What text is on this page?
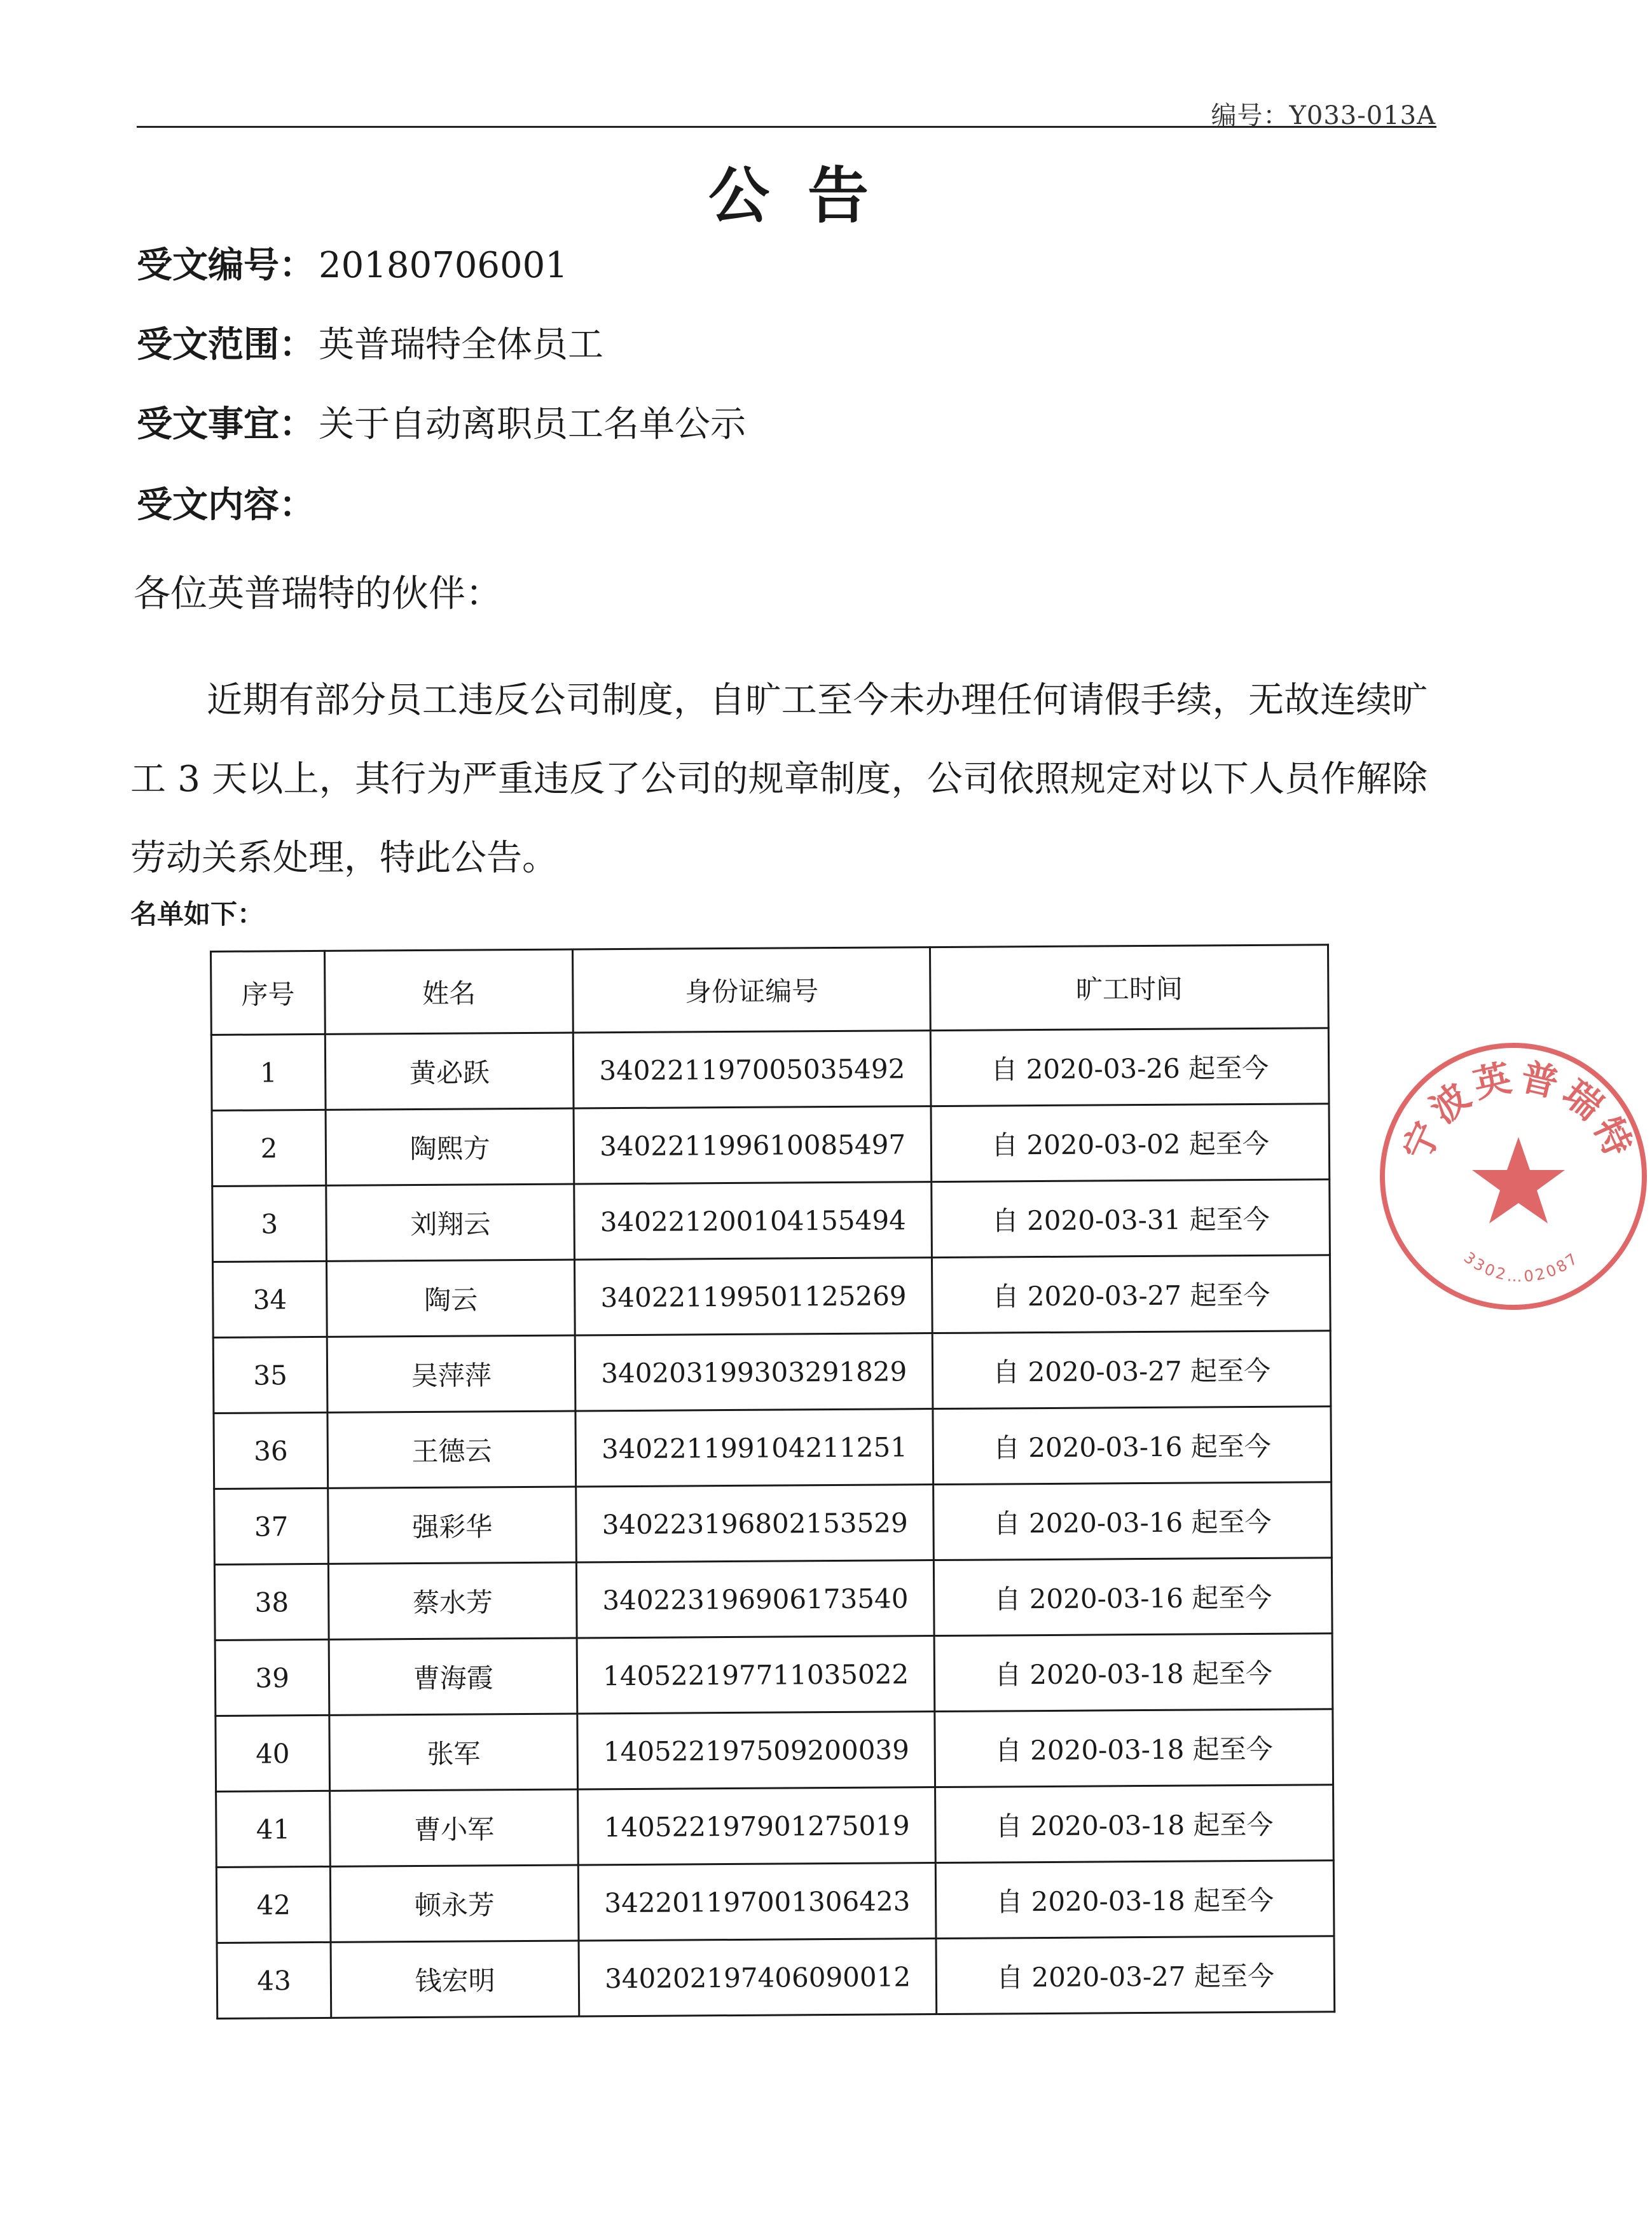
编号：Y033-013A
公告
受文编号： 20180706001
受文范围： 英普瑞特全体员工
受文事宜： 关于自动离职员工名单公示
受文内容：
各位英普瑞特的伙伴：
近期有部分员工违反公司制度，自旷工至今未办理任何请假手续，无故连续旷工 3 天以上，其行为严重违反了公司的规章制度，公司依照规定对以下人员作解除劳动关系处理，特此公告。
名单如下：
序号	姓名	身份证编号	旷工时间
1	黄必跃	340221197005035492	自 2020-03-26 起至今
2	陶熙方	340221199610085497	自 2020-03-02 起至今
3	刘翔云	340221200104155494	自 2020-03-31 起至今
34	陶云	340221199501125269	自 2020-03-27 起至今
35	吴萍萍	340203199303291829	自 2020-03-27 起至今
36	王德云	340221199104211251	自 2020-03-16 起至今
37	强彩华	340223196802153529	自 2020-03-16 起至今
38	蔡水芳	340223196906173540	自 2020-03-16 起至今
39	曹海霞	140522197711035022	自 2020-03-18 起至今
40	张军	140522197509200039	自 2020-03-18 起至今
41	曹小军	140522197901275019	自 2020-03-18 起至今
42	顿永芳	342201197001306423	自 2020-03-18 起至今
43	钱宏明	340202197406090012	自 2020-03-27 起至今
宁波英普瑞特
3302…02087
